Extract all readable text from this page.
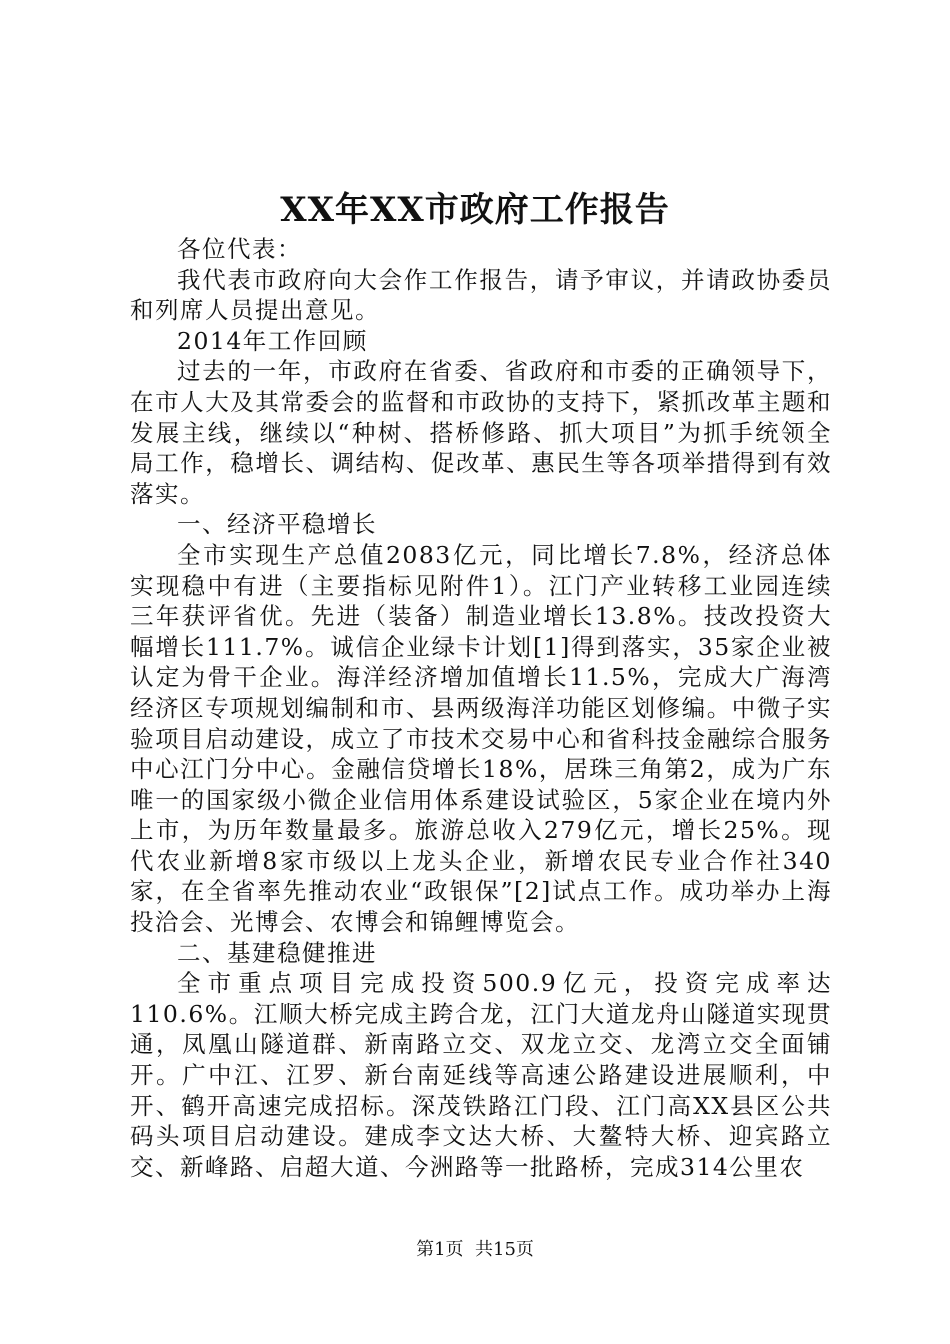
XX年XX市政府工作报告

各位代表：

我代表市政府向大会作工作报告，请予审议，并请政协委员和列席人员提出意见。

2014年工作回顾

过去的一年，市政府在省委、省政府和市委的正确领导下，在市人大及其常委会的监督和市政协的支持下，紧抓改革主题和发展主线，继续以“种树、搭桥修路、抓大项目”为抓手统领全局工作，稳增长、调结构、促改革、惠民生等各项举措得到有效落实。

一、经济平稳增长

全市实现生产总值2083亿元，同比增长7.8%，经济总体实现稳中有进（主要指标见附件1）。江门产业转移工业园连续三年获评省优。先进（装备）制造业增长13.8%。技改投资大幅增长111.7%。诚信企业绿卡计划[1]得到落实，35家企业被认定为骨干企业。海洋经济增加值增长11.5%，完成大广海湾经济区专项规划编制和市、县两级海洋功能区划修编。中微子实验项目启动建设，成立了市技术交易中心和省科技金融综合服务中心江门分中心。金融信贷增长18%，居珠三角第2，成为广东唯一的国家级小微企业信用体系建设试验区，5家企业在境内外上市，为历年数量最多。旅游总收入279亿元，增长25%。现代农业新增8家市级以上龙头企业，新增农民专业合作社340家，在全省率先推动农业“政银保”[2]试点工作。成功举办上海投洽会、光博会、农博会和锦鲤博览会。

二、基建稳健推进

全市重点项目完成投资500.9亿元，投资完成率达110.6%。江顺大桥完成主跨合龙，江门大道龙舟山隧道实现贯通，凤凰山隧道群、新南路立交、双龙立交、龙湾立交全面铺开。广中江、江罗、新台南延线等高速公路建设进展顺利，中开、鹤开高速完成招标。深茂铁路江门段、江门高XX县区公共码头项目启动建设。建成李文达大桥、大鳌特大桥、迎宾路立交、新峰路、启超大道、今洲路等一批路桥，完成314公里农

第1页  共15页
